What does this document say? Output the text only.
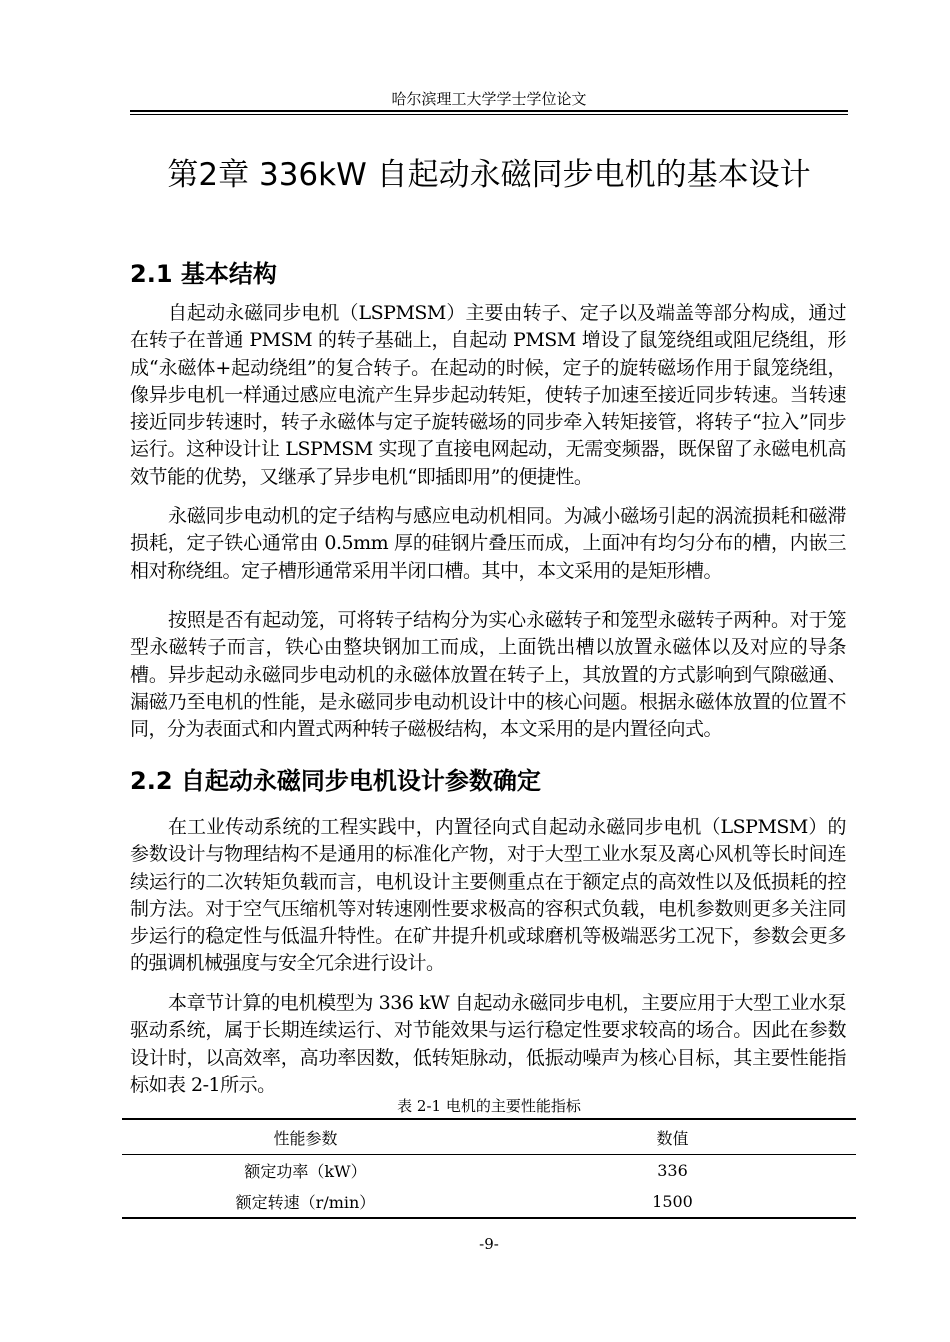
哈尔滨理工大学学士学位论文
第2章 336kW 自起动永磁同步电机的基本设计
2.1 基本结构

自起动永磁同步电机（LSPMSM）主要由转子、定子以及端盖等部分构成，通过在转子在普通 PMSM 的转子基础上，自起动 PMSM 增设了鼠笼绕组或阻尼绕组，形成“永磁体+起动绕组”的复合转子。在起动的时候，定子的旋转磁场作用于鼠笼绕组，像异步电机一样通过感应电流产生异步起动转矩，使转子加速至接近同步转速。当转速接近同步转速时，转子永磁体与定子旋转磁场的同步牵入转矩接管，将转子“拉入”同步运行。这种设计让 LSPMSM 实现了直接电网起动，无需变频器，既保留了永磁电机高效节能的优势，又继承了异步电机“即插即用”的便捷性。

永磁同步电动机的定子结构与感应电动机相同。为减小磁场引起的涡流损耗和磁滞损耗，定子铁心通常由 0.5mm 厚的硅钢片叠压而成，上面冲有均匀分布的槽，内嵌三相对称绕组。定子槽形通常采用半闭口槽。其中，本文采用的是矩形槽。

按照是否有起动笼，可将转子结构分为实心永磁转子和笼型永磁转子两种。对于笼型永磁转子而言，铁心由整块钢加工而成，上面铣出槽以放置永磁体以及对应的导条槽。异步起动永磁同步电动机的永磁体放置在转子上，其放置的方式影响到气隙磁通、漏磁乃至电机的性能，是永磁同步电动机设计中的核心问题。根据永磁体放置的位置不同，分为表面式和内置式两种转子磁极结构，本文采用的是内置径向式。

2.2 自起动永磁同步电机设计参数确定

在工业传动系统的工程实践中，内置径向式自起动永磁同步电机（LSPMSM）的参数设计与物理结构不是通用的标准化产物，对于大型工业水泵及离心风机等长时间连续运行的二次转矩负载而言，电机设计主要侧重点在于额定点的高效性以及低损耗的控制方法。对于空气压缩机等对转速刚性要求极高的容积式负载，电机参数则更多关注同步运行的稳定性与低温升特性。在矿井提升机或球磨机等极端恶劣工况下，参数会更多的强调机械强度与安全冗余进行设计。

本章节计算的电机模型为 336 kW 自起动永磁同步电机，主要应用于大型工业水泵驱动系统，属于长期连续运行、对节能效果与运行稳定性要求较高的场合。因此在参数设计时，以高效率，高功率因数，低转矩脉动，低振动噪声为核心目标，其主要性能指标如表 2-1所示。

表 2-1 电机的主要性能指标
性能参数	数值
额定功率（kW）	336
额定转速（r/min）	1500
-9-
